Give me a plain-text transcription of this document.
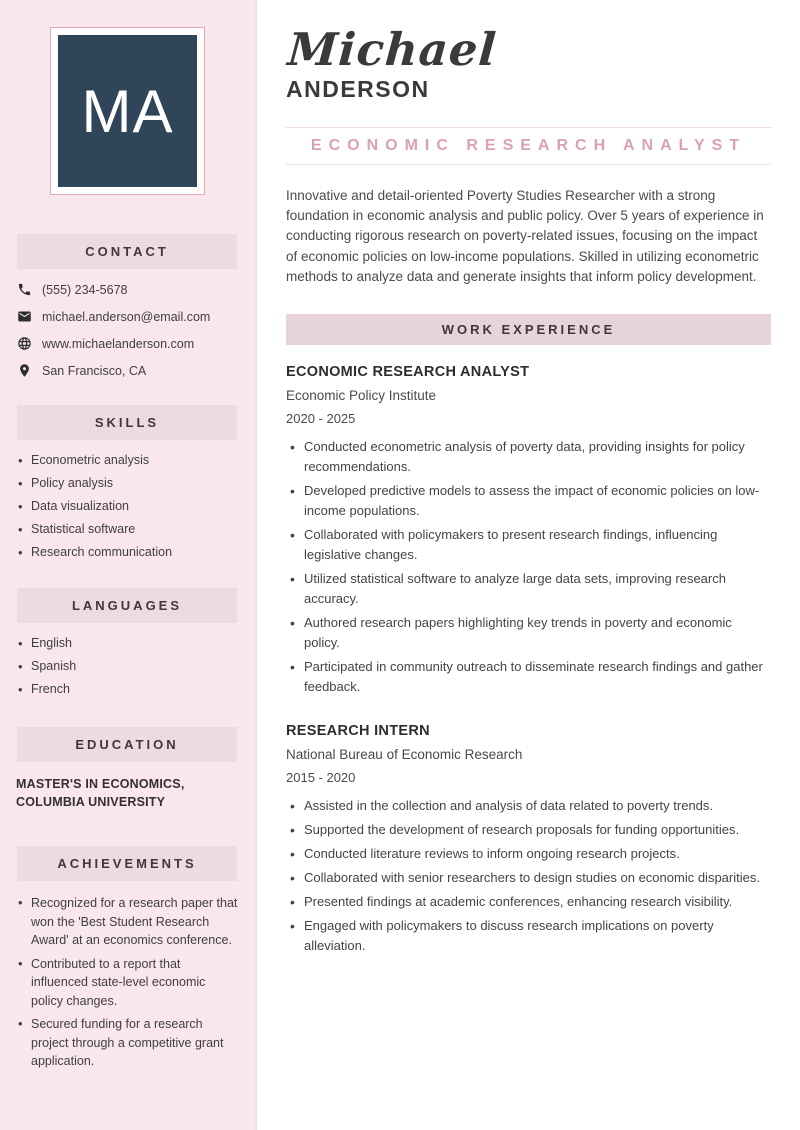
MA
CONTACT
(555) 234-5678
michael.anderson@email.com
www.michaelanderson.com
San Francisco, CA
SKILLS
• Econometric analysis
• Policy analysis
• Data visualization
• Statistical software
• Research communication
LANGUAGES
• English
• Spanish
• French
EDUCATION
MASTER'S IN ECONOMICS, COLUMBIA UNIVERSITY
ACHIEVEMENTS
• Recognized for a research paper that won the 'Best Student Research Award' at an economics conference.
• Contributed to a report that influenced state-level economic policy changes.
• Secured funding for a research project through a competitive grant application.
Michael
ANDERSON
ECONOMIC RESEARCH ANALYST

Innovative and detail-oriented Poverty Studies Researcher with a strong foundation in economic analysis and public policy. Over 5 years of experience in conducting rigorous research on poverty-related issues, focusing on the impact of economic policies on low-income populations. Skilled in utilizing econometric methods to analyze data and generate insights that inform policy development.

WORK EXPERIENCE
ECONOMIC RESEARCH ANALYST
Economic Policy Institute
2020 - 2025
• Conducted econometric analysis of poverty data, providing insights for policy recommendations.
• Developed predictive models to assess the impact of economic policies on low-income populations.
• Collaborated with policymakers to present research findings, influencing legislative changes.
• Utilized statistical software to analyze large data sets, improving research accuracy.
• Authored research papers highlighting key trends in poverty and economic policy.
• Participated in community outreach to disseminate research findings and gather feedback.
RESEARCH INTERN
National Bureau of Economic Research
2015 - 2020
• Assisted in the collection and analysis of data related to poverty trends.
• Supported the development of research proposals for funding opportunities.
• Conducted literature reviews to inform ongoing research projects.
• Collaborated with senior researchers to design studies on economic disparities.
• Presented findings at academic conferences, enhancing research visibility.
• Engaged with policymakers to discuss research implications on poverty alleviation.
